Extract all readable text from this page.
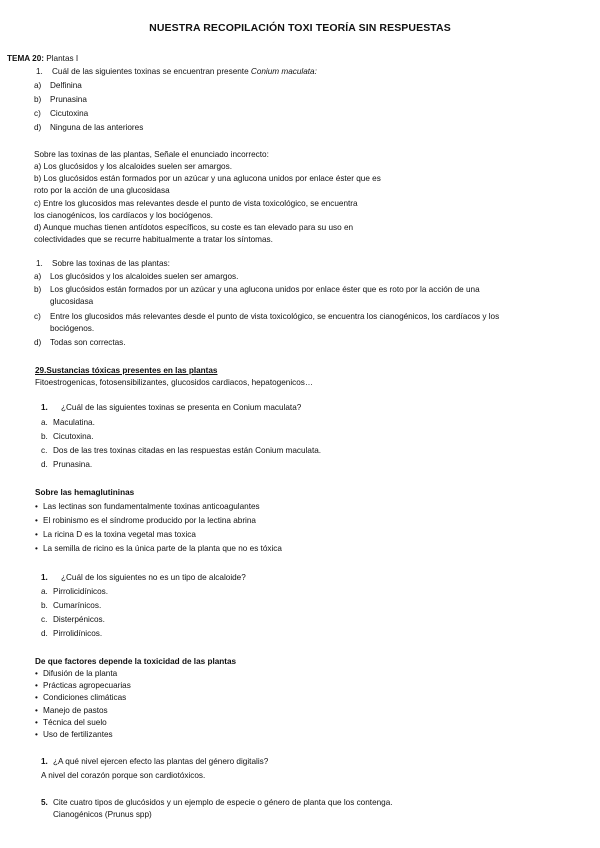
NUESTRA RECOPILACIÓN TOXI TEORÍA SIN RESPUESTAS
TEMA 20: Plantas I
1. Cuál de las siguientes toxinas se encuentran presente Conium maculata:
a) Delfinina
b) Prunasina
c) Cicutoxina
d) Ninguna de las anteriores
Sobre las toxinas de las plantas, Señale el enunciado incorrecto:
a) Los glucósidos y los alcaloides suelen ser amargos.
b) Los glucósidos están formados por un azúcar y una aglucona unidos por enlace éster que es
roto por la acción de una glucosidasa
c) Entre los glucosidos mas relevantes desde el punto de vista toxicológico, se encuentra
los cianogénicos, los cardíacos y los bociógenos.
d) Aunque muchas tienen antídotos específicos, su coste es tan elevado para su uso en
colectividades que se recurre habitualmente a tratar los síntomas.
1. Sobre las toxinas de las plantas:
a) Los glucósidos y los alcaloides suelen ser amargos.
b) Los glucósidos están formados por un azúcar y una aglucona unidos por enlace éster que es roto por la acción de una
glucosidasa
c) Entre los glucosidos más relevantes desde el punto de vista toxicológico, se encuentra los cianogénicos, los cardíacos y los
bociógenos.
d) Todas son correctas.
29.Sustancias tóxicas presentes en las plantas
Fitoestrogenicas, fotosensibilizantes, glucosidos cardiacos, hepatogenicos…
1. ¿Cuál de las siguientes toxinas se presenta en Conium maculata?
a. Maculatina.
b. Cicutoxina.
c. Dos de las tres toxinas citadas en las respuestas están Conium maculata.
d. Prunasina.
Sobre las hemaglutininas
• Las lectinas son fundamentalmente toxinas anticoagulantes
• El robinismo es el síndrome producido por la lectina abrina
• La ricina D es la toxina vegetal mas toxica
• La semilla de ricino es la única parte de la planta que no es tóxica
1. ¿Cuál de los siguientes no es un tipo de alcaloide?
a. Pirrolicidínicos.
b. Cumarínicos.
c. Disterpénicos.
d. Pirrolidínicos.
De que factores depende la toxicidad de las plantas
• Difusión de la planta
• Prácticas agropecuarias
• Condiciones climáticas
• Manejo de pastos
• Técnica del suelo
• Uso de fertilizantes
1. ¿A qué nivel ejercen efecto las plantas del género digitalis?
A nivel del corazón porque son cardiotóxicos.
5. Cite cuatro tipos de glucósidos y un ejemplo de especie o género de planta que los contenga.
Cianogénicos (Prunus spp)
